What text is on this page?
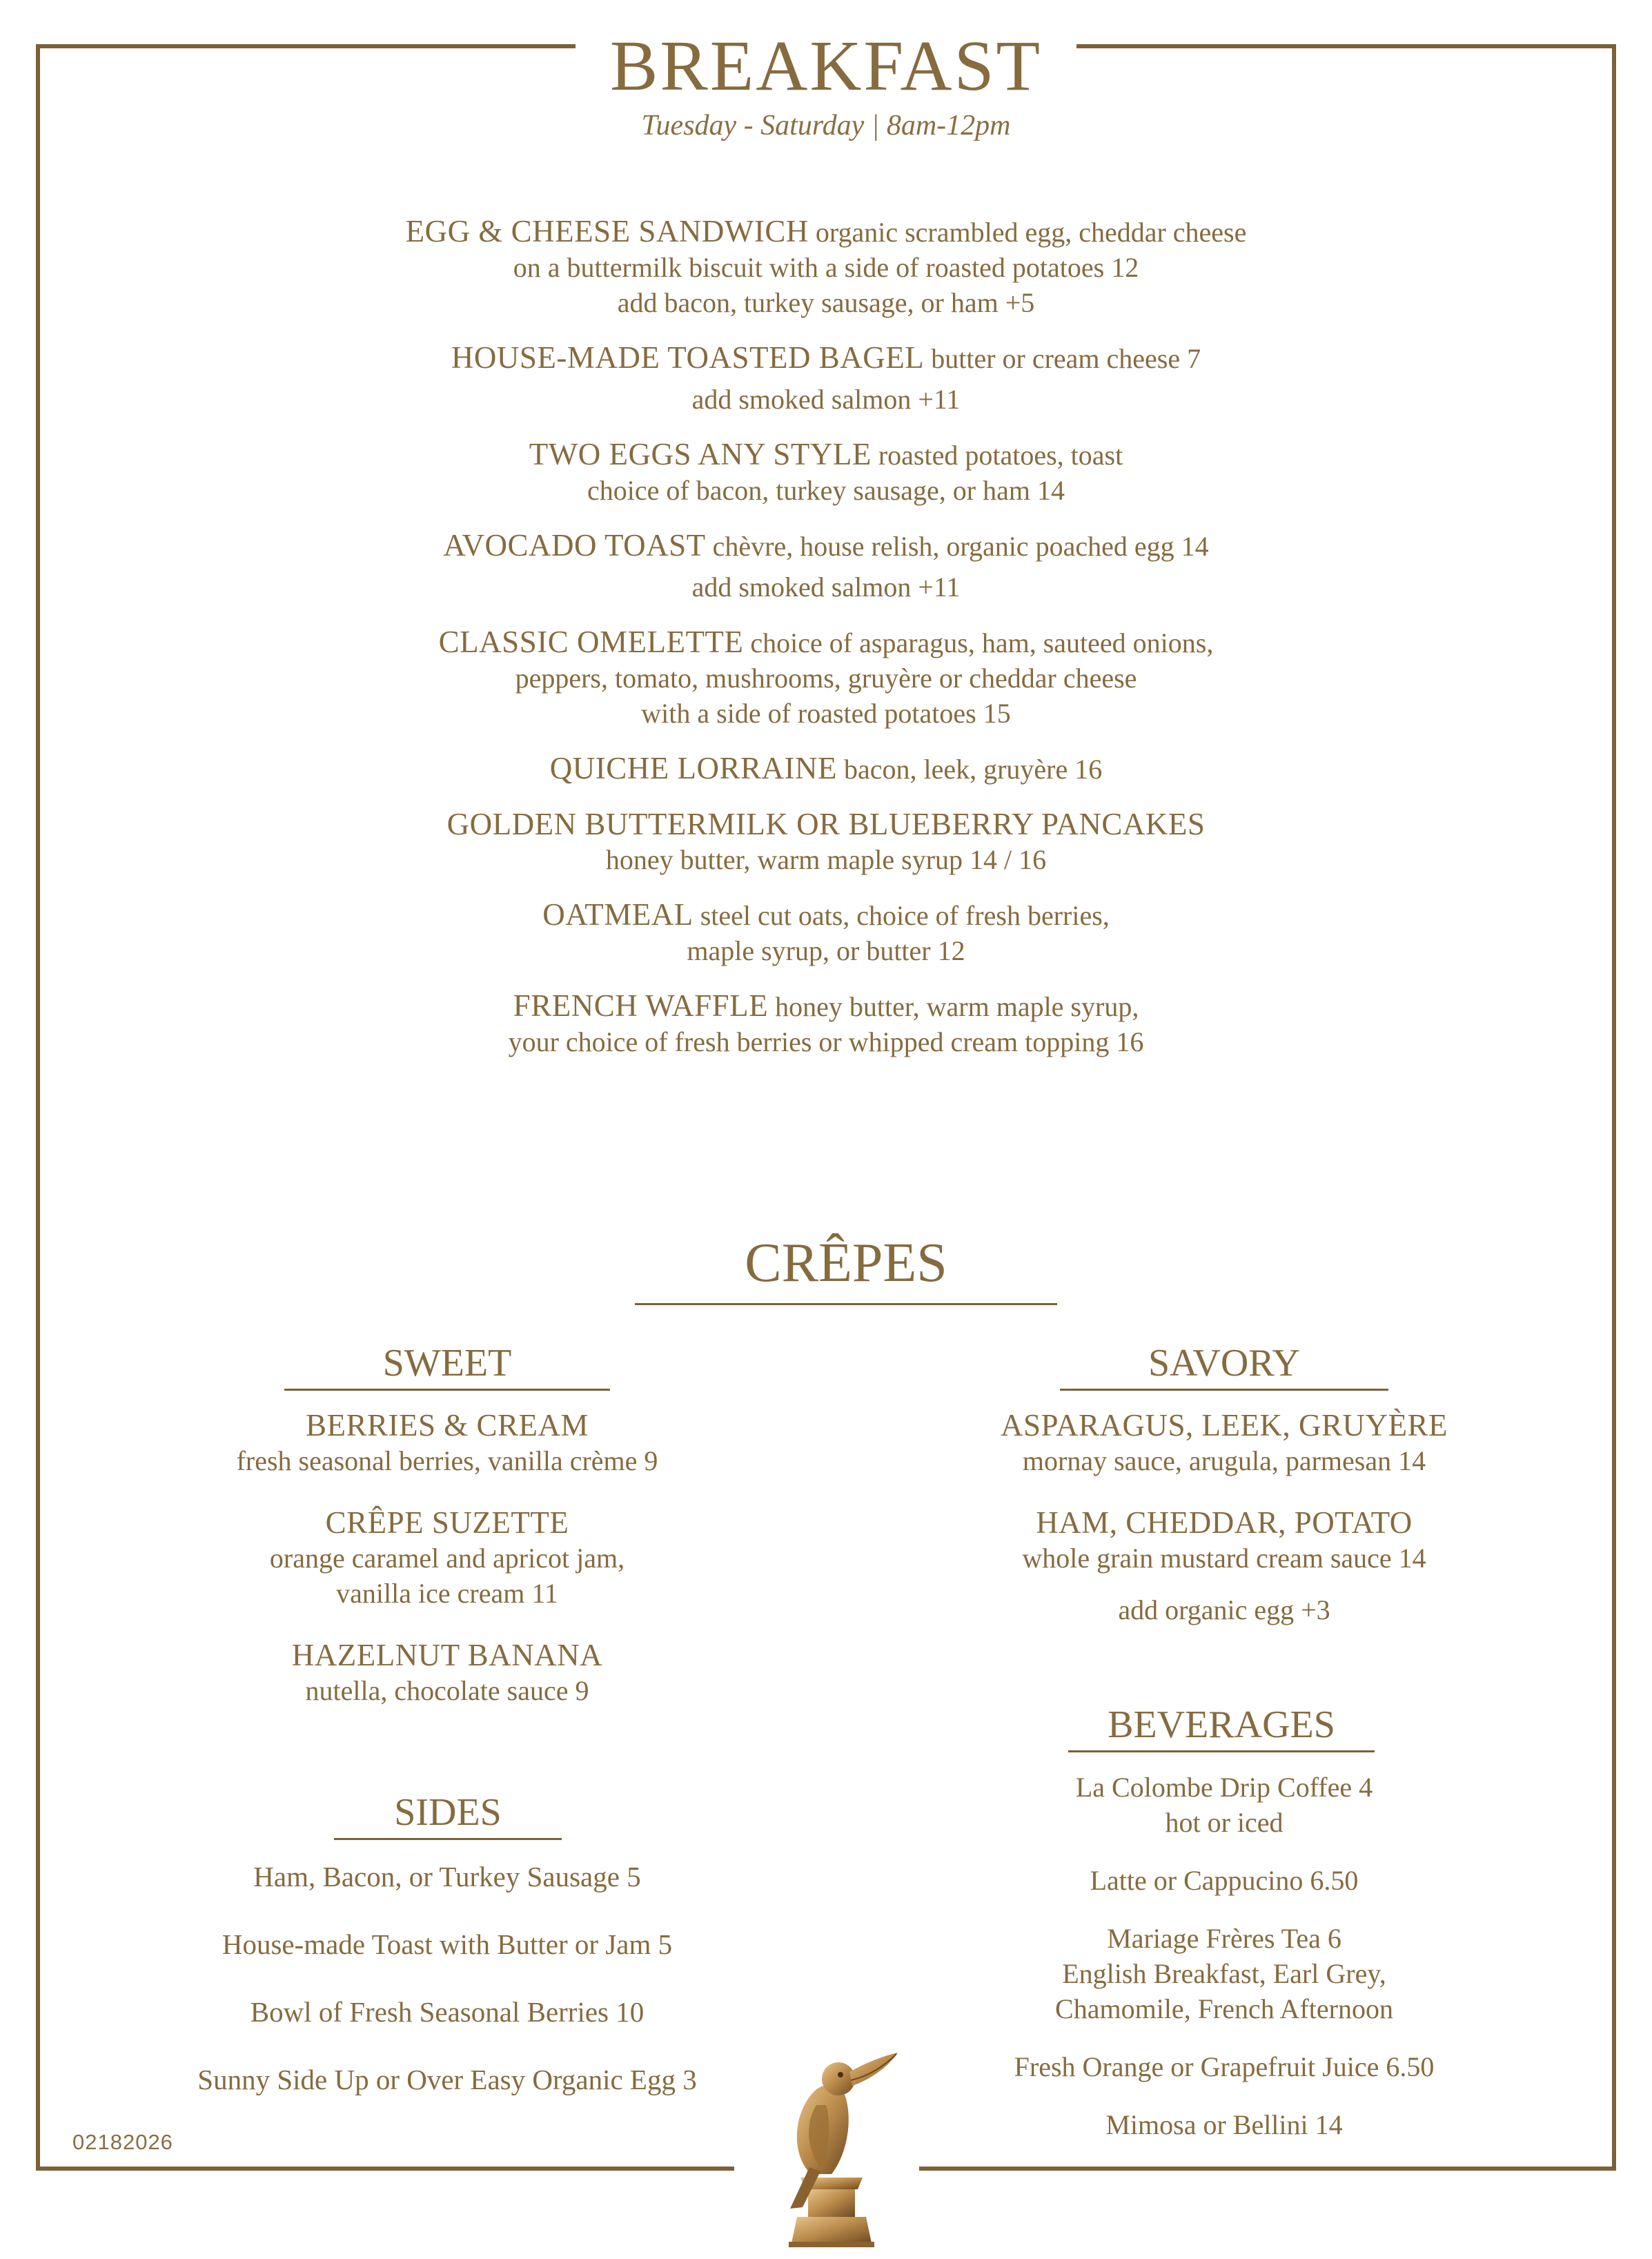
BREAKFAST
Tuesday - Saturday | 8am-12pm
EGG & CHEESE SANDWICH organic scrambled egg, cheddar cheese
on a buttermilk biscuit with a side of roasted potatoes 12
add bacon, turkey sausage, or ham +5
HOUSE-MADE TOASTED BAGEL butter or cream cheese 7
add smoked salmon +11
TWO EGGS ANY STYLE roasted potatoes, toast
choice of bacon, turkey sausage, or ham 14
AVOCADO TOAST chèvre, house relish, organic poached egg 14
add smoked salmon +11
CLASSIC OMELETTE choice of asparagus, ham, sauteed onions,
peppers, tomato, mushrooms, gruyère or cheddar cheese
with a side of roasted potatoes 15
QUICHE LORRAINE bacon, leek, gruyère 16
GOLDEN BUTTERMILK OR BLUEBERRY PANCAKES
honey butter, warm maple syrup 14 / 16
OATMEAL steel cut oats, choice of fresh berries,
maple syrup, or butter 12
FRENCH WAFFLE honey butter, warm maple syrup,
your choice of fresh berries or whipped cream topping 16
CRÊPES
SWEET
BERRIES & CREAM
fresh seasonal berries, vanilla crème 9
CRÊPE SUZETTE
orange caramel and apricot jam,
vanilla ice cream 11
HAZELNUT BANANA
nutella, chocolate sauce 9
SAVORY
ASPARAGUS, LEEK, GRUYÈRE
mornay sauce, arugula, parmesan 14
HAM, CHEDDAR, POTATO
whole grain mustard cream sauce 14
add organic egg +3
SIDES
Ham, Bacon, or Turkey Sausage 5
House-made Toast with Butter or Jam 5
Bowl of Fresh Seasonal Berries 10
Sunny Side Up or Over Easy Organic Egg 3
BEVERAGES
La Colombe Drip Coffee 4
hot or iced
Latte or Cappucino 6.50
Mariage Frères Tea 6
English Breakfast, Earl Grey,
Chamomile, French Afternoon
Fresh Orange or Grapefruit Juice 6.50
Mimosa or Bellini 14
02182026
